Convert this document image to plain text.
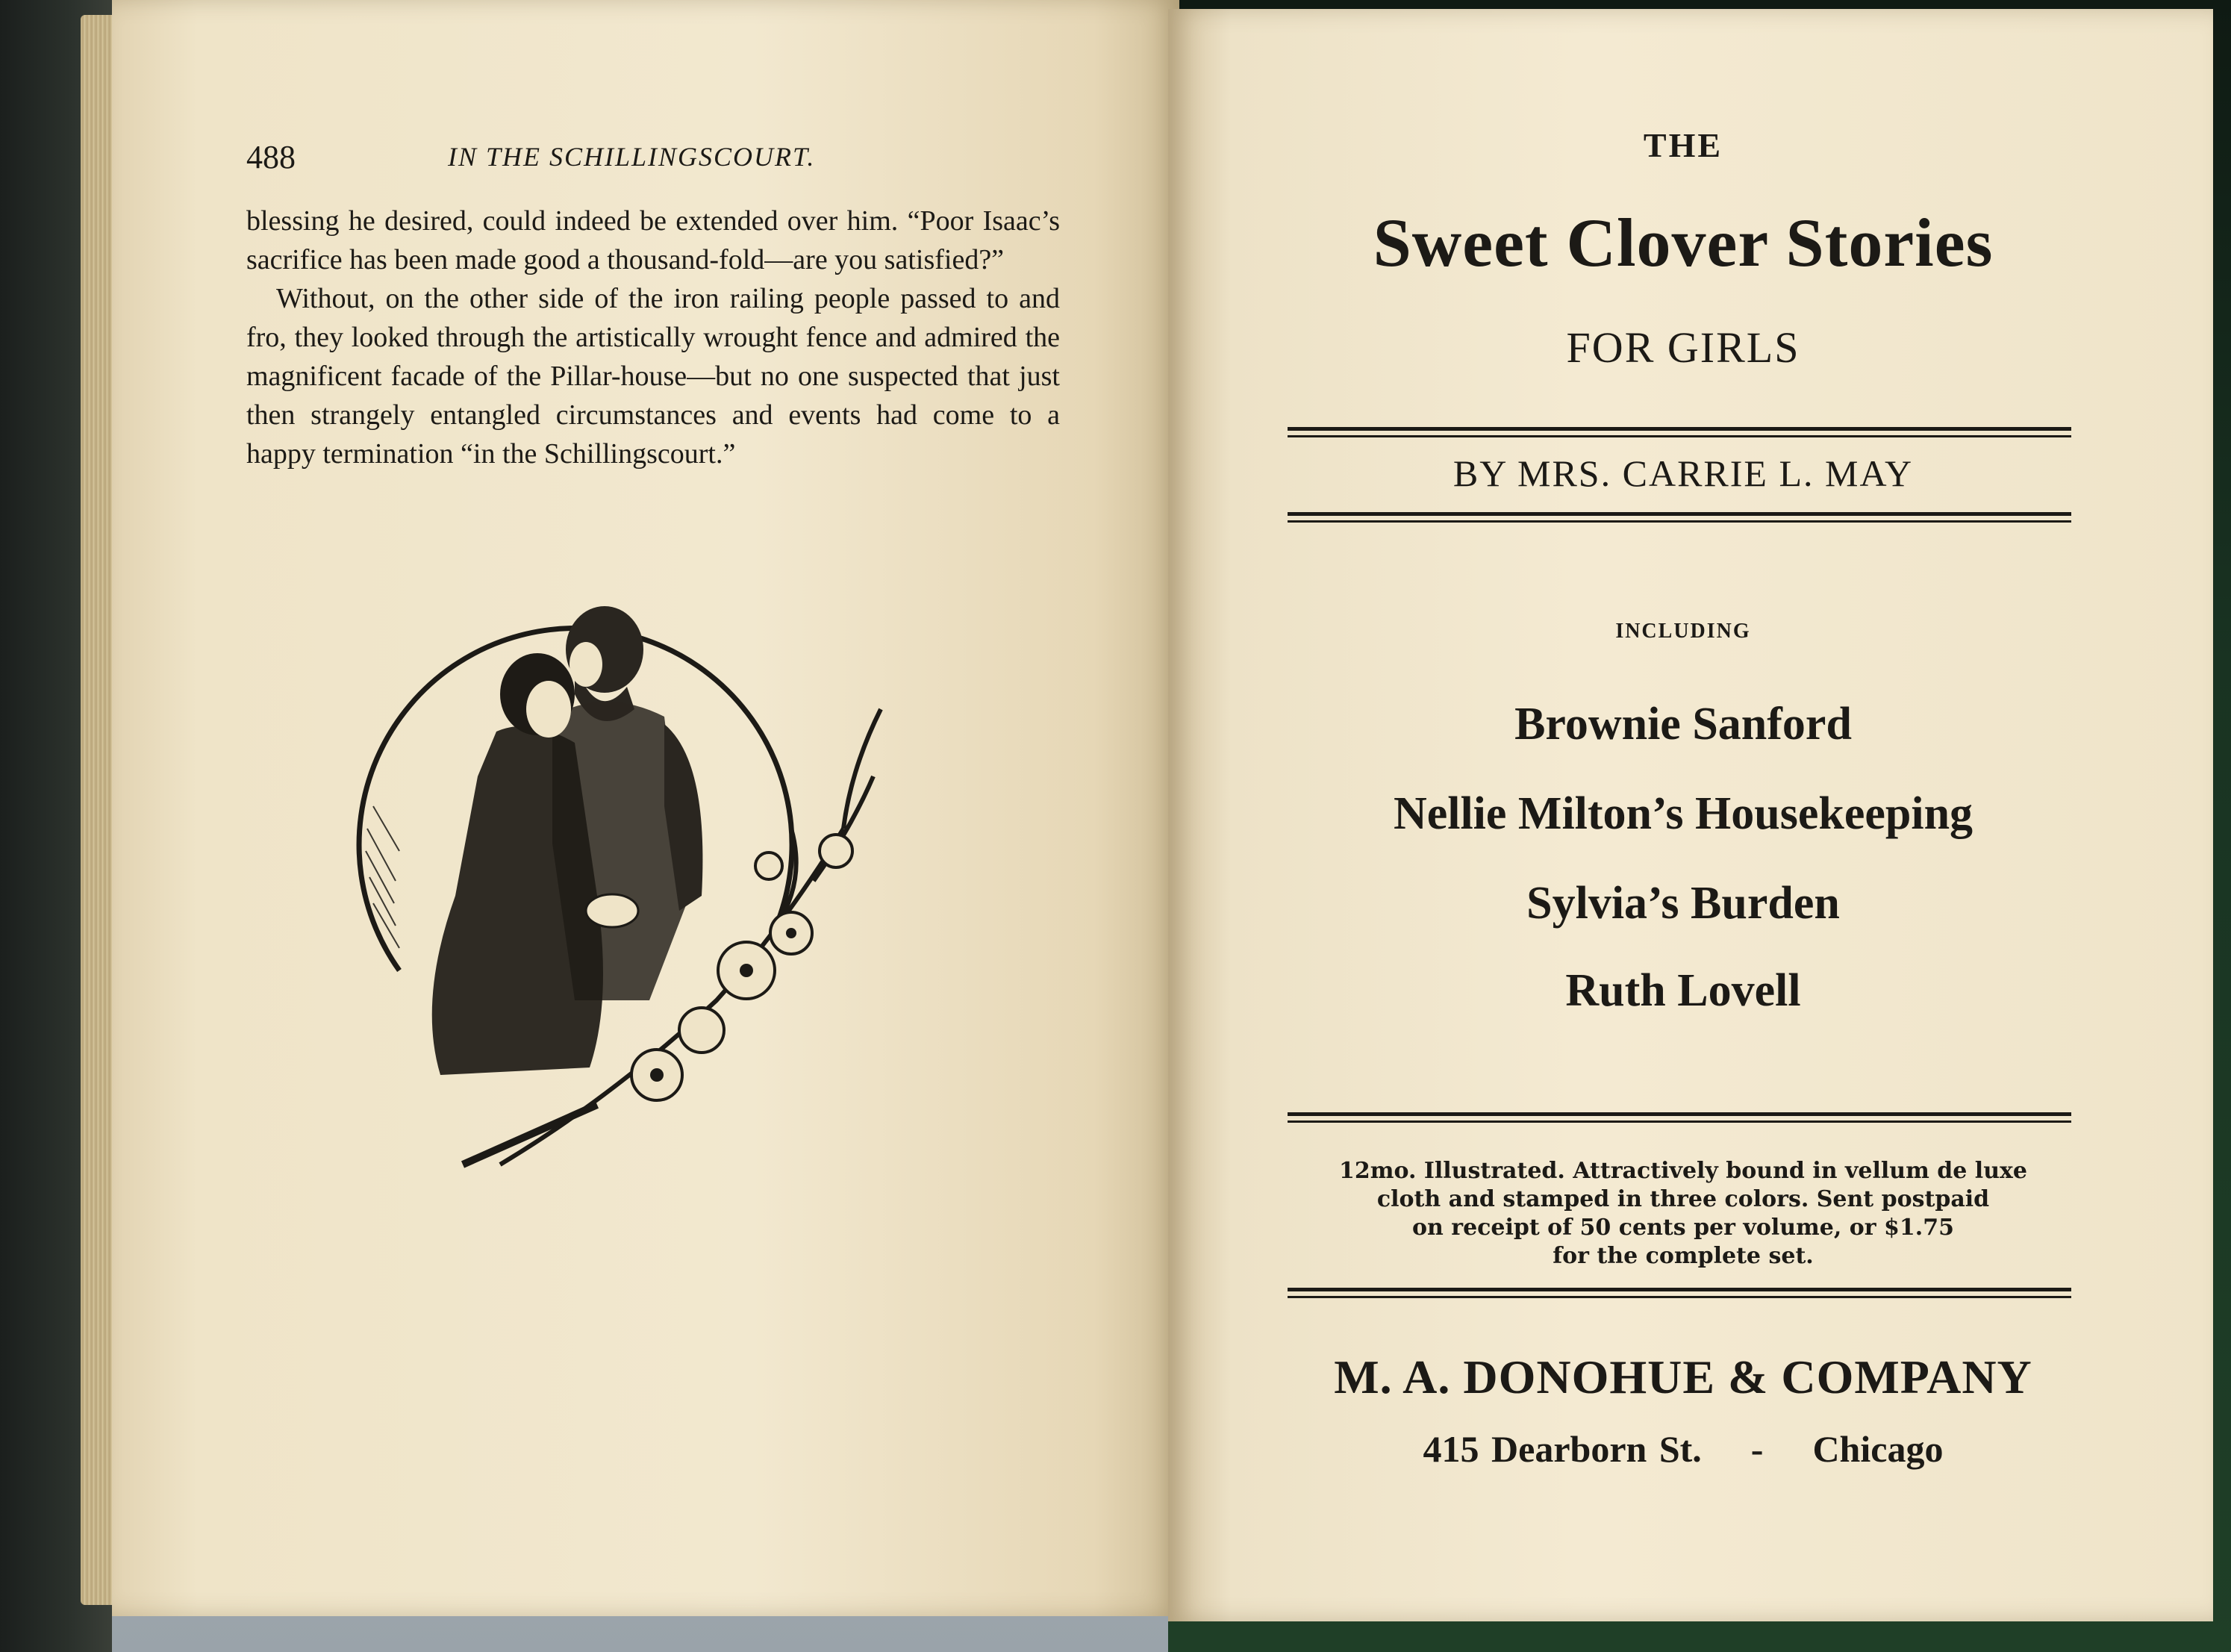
488	IN THE SCHILLINGSCOURT.

blessing he desired, could indeed be extended over him. “Poor Isaac’s sacrifice has been made good a thousand-fold—are you satisfied?”

Without, on the other side of the iron railing people passed to and fro, they looked through the artistically wrought fence and admired the magnificent facade of the Pillar-house—but no one suspected that just then strangely entangled circumstances and events had come to a happy termination “in the Schillingscourt.”

THE
Sweet Clover Stories
FOR GIRLS
BY MRS. CARRIE L. MAY
INCLUDING
Brownie Sanford
Nellie Milton’s Housekeeping
Sylvia’s Burden
Ruth Lovell
12mo. Illustrated. Attractively bound in vellum de luxe
cloth and stamped in three colors. Sent postpaid
on receipt of 50 cents per volume, or $1.75
for the complete set.
M. A. DONOHUE & COMPANY
415 Dearborn St. - Chicago
